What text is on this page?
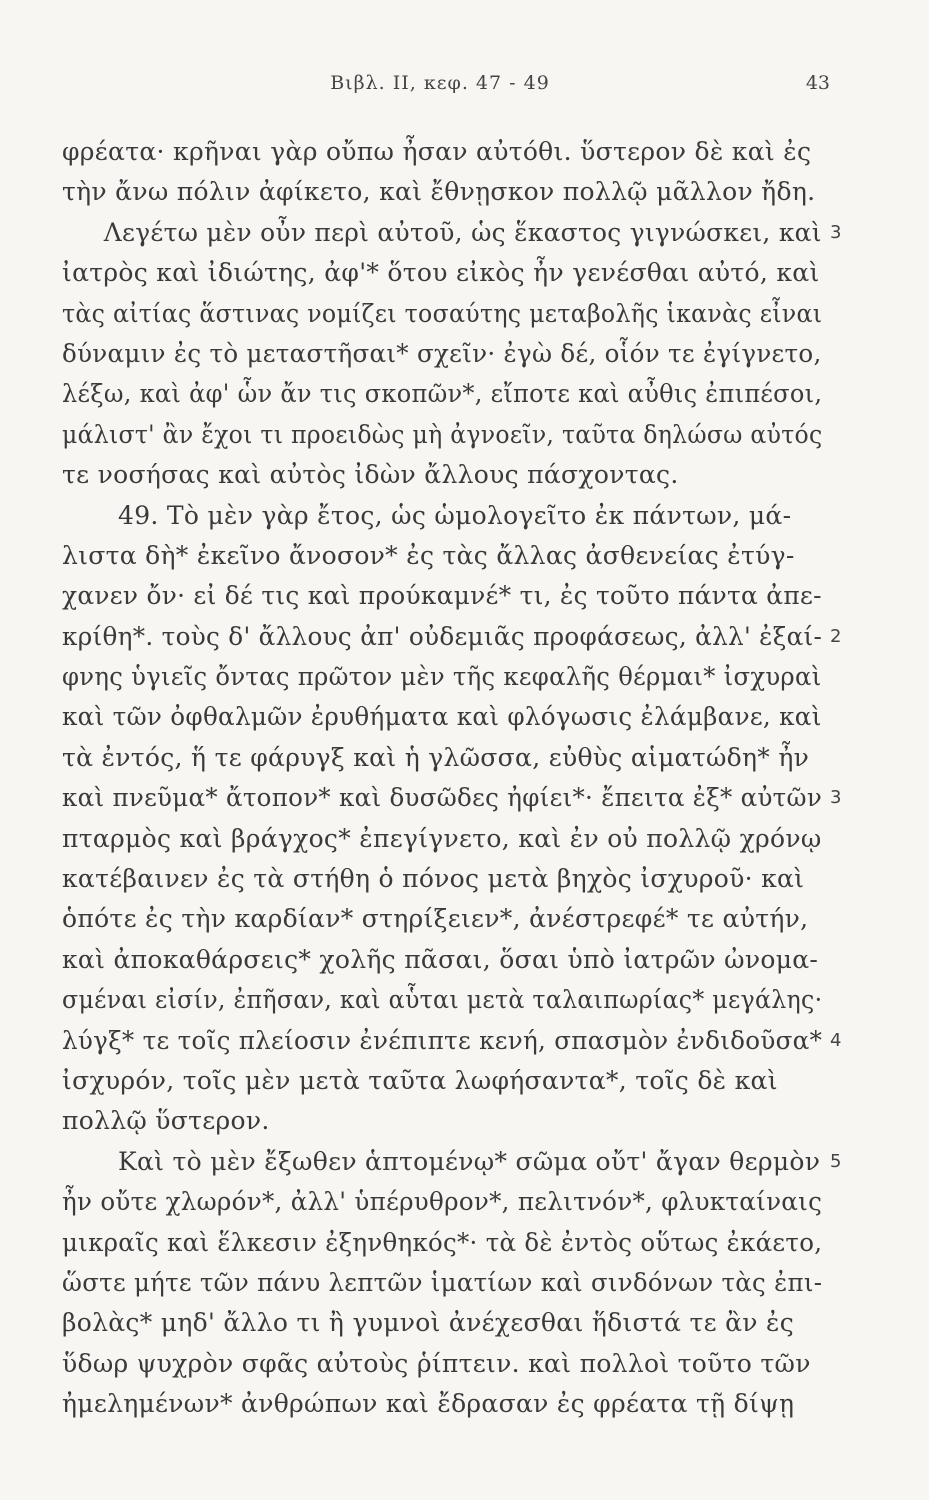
Βιβλ. II, κεφ. 47 - 49	43
φρέατα· κρῆναι γὰρ οὔπω ἦσαν αὐτόθι. ὕστερον δὲ καὶ ἐς
τὴν ἄνω πόλιν ἀφίκετο, καὶ ἔθνῃσκον πολλῷ μᾶλλον ἤδη.
Λεγέτω μὲν οὖν περὶ αὐτοῦ, ὡς ἕκαστος γιγνώσκει, καὶ 3
ἰατρὸς καὶ ἰδιώτης, ἀφ'* ὅτου εἰκὸς ἦν γενέσθαι αὐτό, καὶ
τὰς αἰτίας ἅστινας νομίζει τοσαύτης μεταβολῆς ἱκανὰς εἶναι
δύναμιν ἐς τὸ μεταστῆσαι* σχεῖν· ἐγὼ δέ, οἷόν τε ἐγίγνετο,
λέξω, καὶ ἀφ' ὧν ἄν τις σκοπῶν*, εἴποτε καὶ αὖθις ἐπιπέσοι,
μάλιστ' ἂν ἔχοι τι προειδὼς μὴ ἀγνοεῖν, ταῦτα δηλώσω αὐτός
τε νοσήσας καὶ αὐτὸς ἰδὼν ἄλλους πάσχοντας.
49. Τὸ μὲν γὰρ ἔτος, ὡς ὡμολογεῖτο ἐκ πάντων, μά-
λιστα δὴ* ἐκεῖνο ἄνοσον* ἐς τὰς ἄλλας ἀσθενείας ἐτύγ-
χανεν ὄν· εἰ δέ τις καὶ προύκαμνέ* τι, ἐς τοῦτο πάντα ἀπε-
κρίθη*. τοὺς δ' ἄλλους ἀπ' οὐδεμιᾶς προφάσεως, ἀλλ' ἐξαί- 2
φνης ὑγιεῖς ὄντας πρῶτον μὲν τῆς κεφαλῆς θέρμαι* ἰσχυραὶ
καὶ τῶν ὀφθαλμῶν ἐρυθήματα καὶ φλόγωσις ἐλάμβανε, καὶ
τὰ ἐντός, ἥ τε φάρυγξ καὶ ἡ γλῶσσα, εὐθὺς αἱματώδη* ἦν
καὶ πνεῦμα* ἄτοπον* καὶ δυσῶδες ἠφίει*· ἔπειτα ἐξ* αὐτῶν 3
πταρμὸς καὶ βράγχος* ἐπεγίγνετο, καὶ ἐν οὐ πολλῷ χρόνῳ
κατέβαινεν ἐς τὰ στήθη ὁ πόνος μετὰ βηχὸς ἰσχυροῦ· καὶ
ὁπότε ἐς τὴν καρδίαν* στηρίξειεν*, ἀνέστρεφέ* τε αὐτήν,
καὶ ἀποκαθάρσεις* χολῆς πᾶσαι, ὅσαι ὑπὸ ἰατρῶν ὠνομα-
σμέναι εἰσίν, ἐπῆσαν, καὶ αὗται μετὰ ταλαιπωρίας* μεγάλης·
λύγξ* τε τοῖς πλείοσιν ἐνέπιπτε κενή, σπασμὸν ἐνδιδοῦσα* 4
ἰσχυρόν, τοῖς μὲν μετὰ ταῦτα λωφήσαντα*, τοῖς δὲ καὶ
πολλῷ ὕστερον.
Καὶ τὸ μὲν ἔξωθεν ἁπτομένῳ* σῶμα οὔτ' ἄγαν θερμὸν 5
ἦν οὔτε χλωρόν*, ἀλλ' ὑπέρυθρον*, πελιτνόν*, φλυκταίναις
μικραῖς καὶ ἕλκεσιν ἐξηνθηκός*· τὰ δὲ ἐντὸς οὕτως ἐκάετο,
ὥστε μήτε τῶν πάνυ λεπτῶν ἱματίων καὶ σινδόνων τὰς ἐπι-
βολὰς* μηδ' ἄλλο τι ἢ γυμνοὶ ἀνέχεσθαι ἥδιστά τε ἂν ἐς
ὕδωρ ψυχρὸν σφᾶς αὐτοὺς ῥίπτειν. καὶ πολλοὶ τοῦτο τῶν
ἠμελημένων* ἀνθρώπων καὶ ἔδρασαν ἐς φρέατα τῇ δίψῃ
